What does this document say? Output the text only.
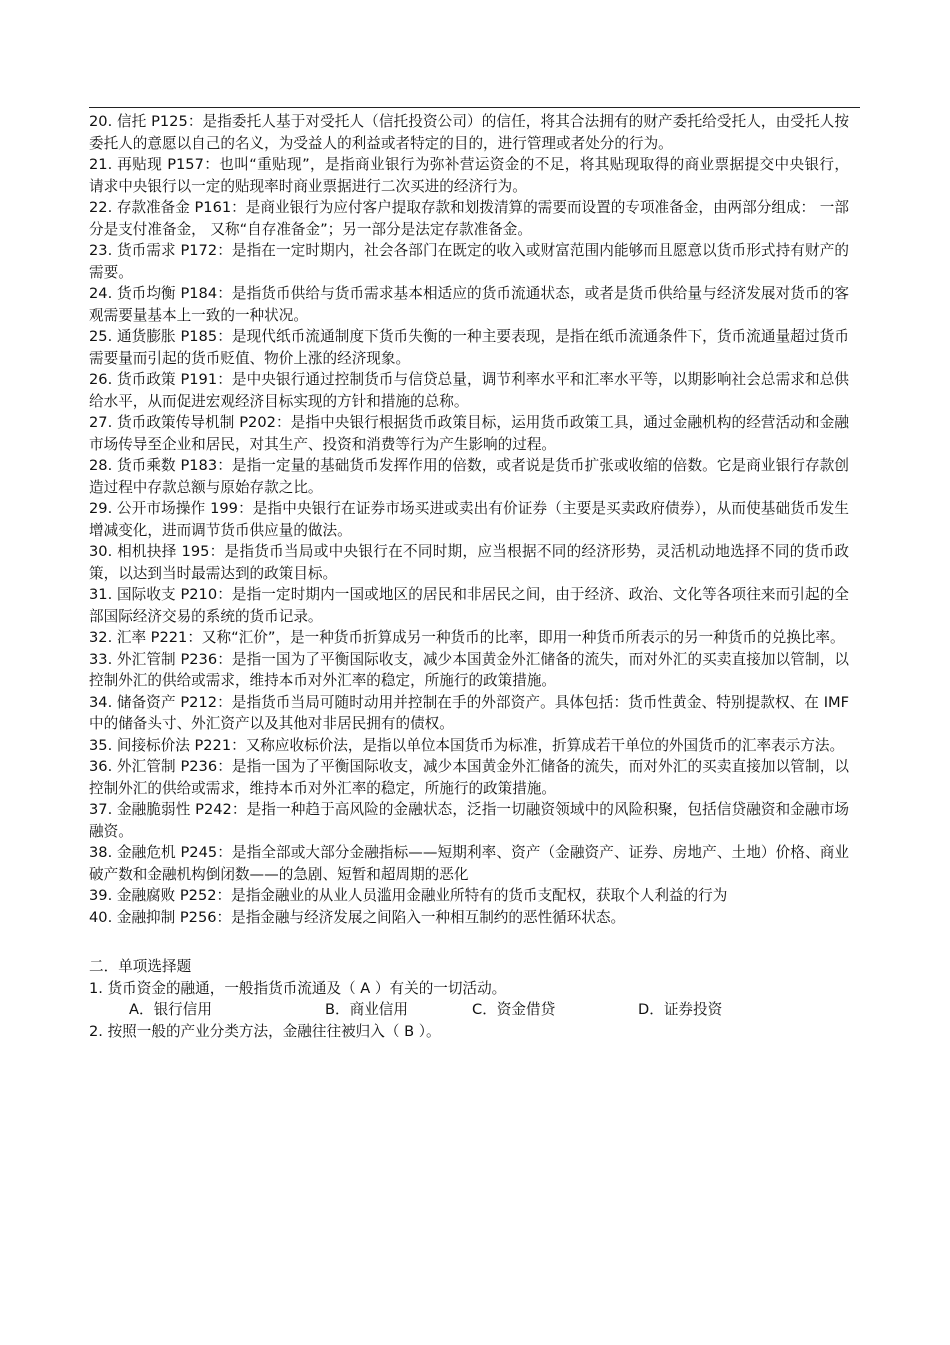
20. 信托 P125：是指委托人基于对受托人（信托投资公司）的信任，将其合法拥有的财产委托给受托人，由受托人按委托人的意愿以自己的名义，为受益人的利益或者特定的目的，进行管理或者处分的行为。

21. 再贴现 P157：也叫“重贴现”，是指商业银行为弥补营运资金的不足，将其贴现取得的商业票据提交中央银行， 请求中央银行以一定的贴现率时商业票据进行二次买进的经济行为。

22. 存款准备金 P161：是商业银行为应付客户提取存款和划拨清算的需要而设置的专项准备金，由两部分组成： 一部分是支付准备金， 又称“自存准备金”；另一部分是法定存款准备金。

23. 货币需求 P172：是指在一定时期内，社会各部门在既定的收入或财富范围内能够而且愿意以货币形式持有财产的需要。

24. 货币均衡 P184：是指货币供给与货币需求基本相适应的货币流通状态，或者是货币供给量与经济发展对货币的客观需要量基本上一致的一种状况。

25. 通货膨胀 P185：是现代纸币流通制度下货币失衡的一种主要表现，是指在纸币流通条件下，货币流通量超过货币需要量而引起的货币贬值、物价上涨的经济现象。

26. 货币政策 P191：是中央银行通过控制货币与信贷总量，调节利率水平和汇率水平等，以期影响社会总需求和总供给水平，从而促进宏观经济目标实现的方针和措施的总称。

27. 货币政策传导机制 P202：是指中央银行根据货币政策目标，运用货币政策工具，通过金融机构的经营活动和金融市场传导至企业和居民，对其生产、投资和消费等行为产生影响的过程。

28. 货币乘数 P183：是指一定量的基础货币发挥作用的倍数，或者说是货币扩张或收缩的倍数。它是商业银行存款创造过程中存款总额与原始存款之比。

29. 公开市场操作 199：是指中央银行在证券市场买进或卖出有价证券（主要是买卖政府债券），从而使基础货币发生增减变化，进而调节货币供应量的做法。

30. 相机抉择 195：是指货币当局或中央银行在不同时期，应当根据不同的经济形势，灵活机动地选择不同的货币政策，以达到当时最需达到的政策目标。

31. 国际收支 P210：是指一定时期内一国或地区的居民和非居民之间，由于经济、政治、文化等各项往来而引起的全部国际经济交易的系统的货币记录。

32. 汇率 P221：又称“汇价”，是一种货币折算成另一种货币的比率，即用一种货币所表示的另一种货币的兑换比率。

33. 外汇管制 P236：是指一国为了平衡国际收支，减少本国黄金外汇储备的流失，而对外汇的买卖直接加以管制，以控制外汇的供给或需求，维持本币对外汇率的稳定，所施行的政策措施。

34. 储备资产 P212：是指货币当局可随时动用并控制在手的外部资产。具体包括：货币性黄金、特别提款权、在 IMF 中的储备头寸、外汇资产以及其他对非居民拥有的债权。

35. 间接标价法 P221：又称应收标价法，是指以单位本国货币为标准，折算成若干单位的外国货币的汇率表示方法。

36. 外汇管制 P236：是指一国为了平衡国际收支，减少本国黄金外汇储备的流失，而对外汇的买卖直接加以管制，以控制外汇的供给或需求，维持本币对外汇率的稳定，所施行的政策措施。

37. 金融脆弱性 P242：是指一种趋于高风险的金融状态，泛指一切融资领域中的风险积聚，包括信贷融资和金融市场融资。

38. 金融危机 P245：是指全部或大部分金融指标——短期利率、资产（金融资产、证券、房地产、土地）价格、商业破产数和金融机构倒闭数——的急剧、短暂和超周期的恶化

39. 金融腐败 P252：是指金融业的从业人员滥用金融业所特有的货币支配权，获取个人利益的行为

40. 金融抑制 P256：是指金融与经济发展之间陷入一种相互制约的恶性循环状态。

二．单项选择题

1. 货币资金的融通，一般指货币流通及（ A ）有关的一切活动。

A．银行信用	B．商业信用	C．资金借贷	D．证券投资

2. 按照一般的产业分类方法，金融往往被归入（ B ）。
